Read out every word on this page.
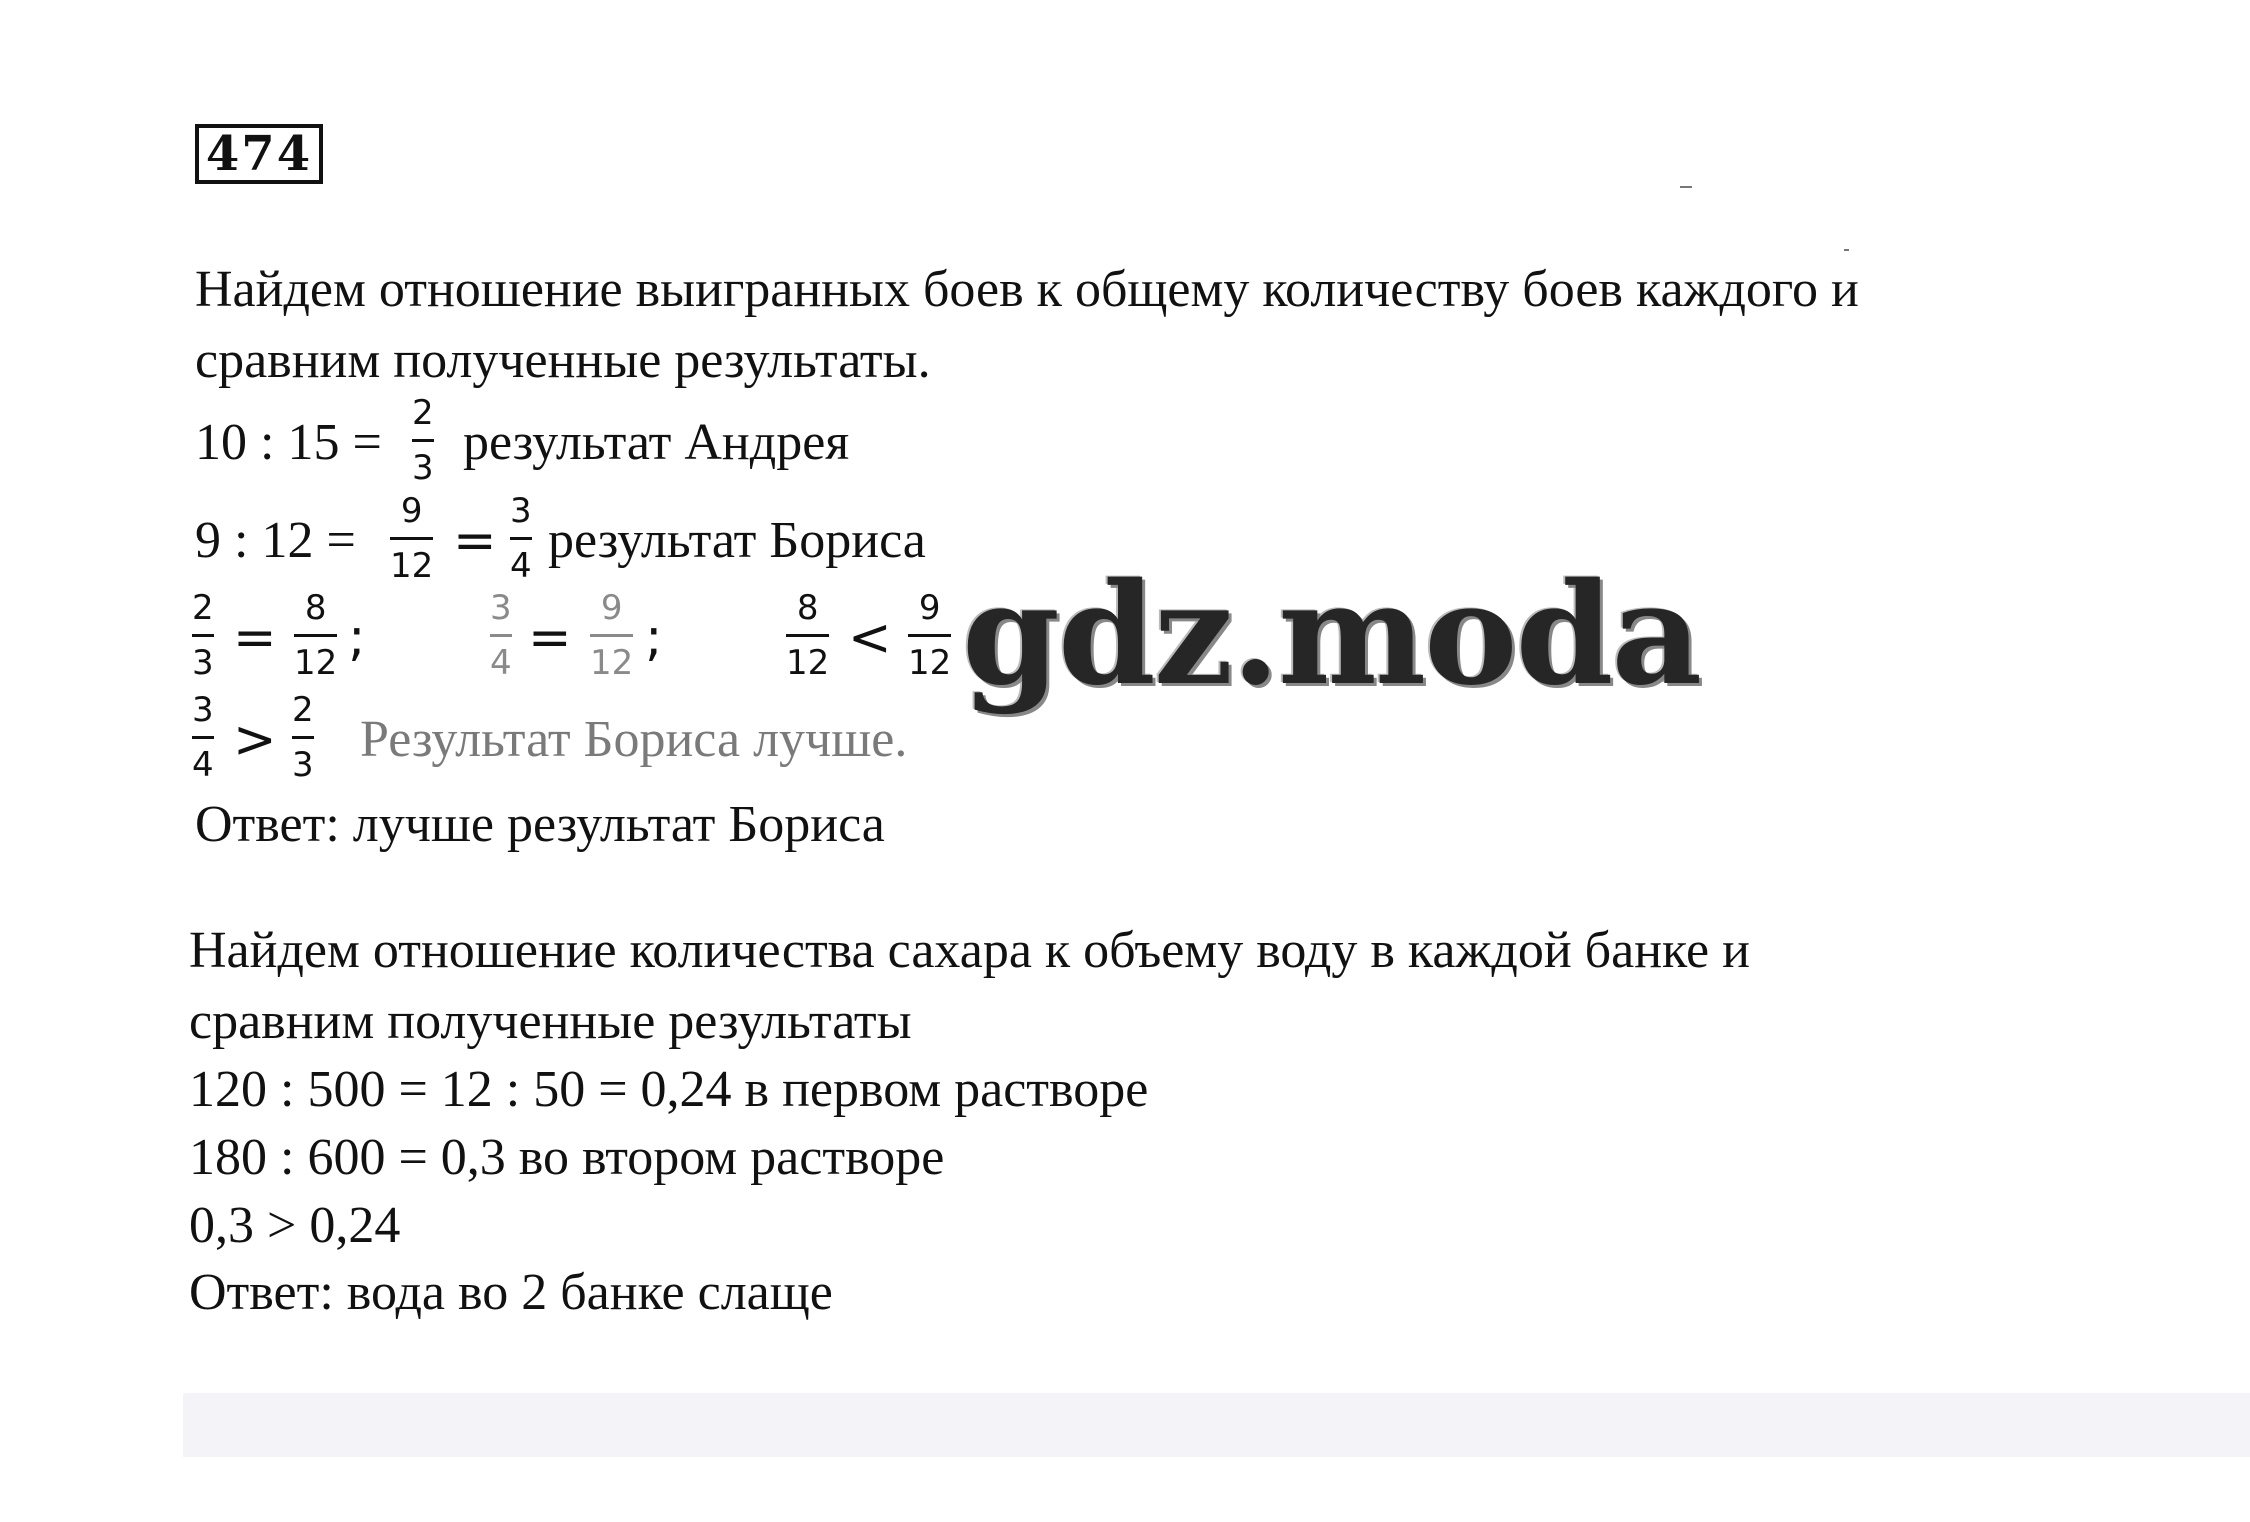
474
Найдем отношение выигранных боев к общему количеству боев каждого и
сравним полученные результаты.
10 : 15 =
2
3 результат Андрея
9 : 12 =
9
12 = 3
4 результат Бориса
2
3 = 8
12 ;	3
4 = 9
12 ;	8
12 < 9
12
3
4 > 2
3 Результат Бориса лучше.
Ответ: лучше результат Бориса
Найдем отношение количества сахара к объему воду в каждой банке и
сравним полученные результаты
120 : 500 = 12 : 50 = 0,24 в первом растворе
180 : 600 = 0,3 во втором растворе
0,3 > 0,24
Ответ: вода во 2 банке слаще
gdz.moda
